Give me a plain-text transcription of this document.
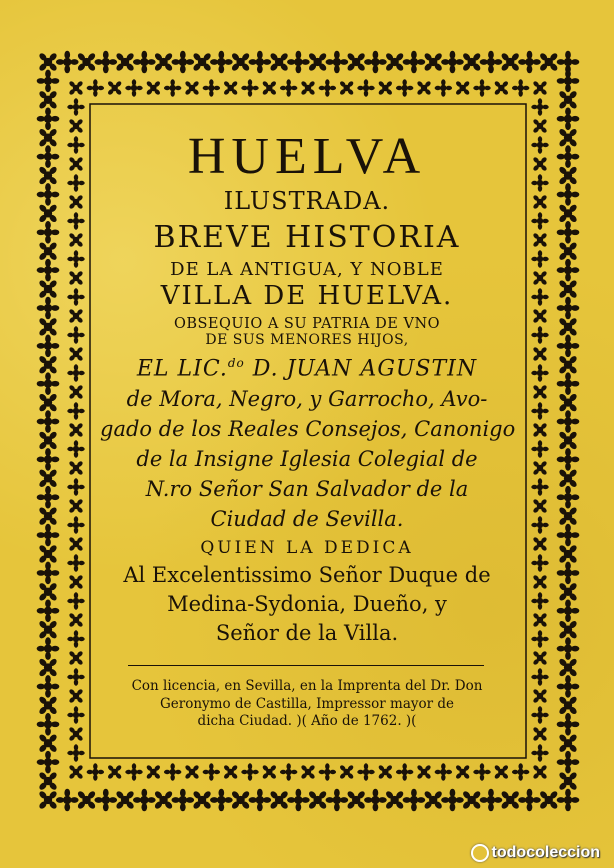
HUELVA
ILUSTRADA.
BREVE HISTORIA
DE LA ANTIGUA, Y NOBLE
VILLA DE HUELVA.
OBSEQUIO A SU PATRIA DE VNO
DE SUS MENORES HIJOS,
EL LIC.$^{do}$ D. JUAN AGUSTIN
de Mora, Negro, y Garrocho, Avo-
gado de los Reales Consejos, Canonigo
de la Insigne Iglesia Colegial de
N.ro Señor San Salvador de la
Ciudad de Sevilla.
QUIEN LA DEDICA
Al Excelentissimo Señor Duque de
Medina-Sydonia, Dueño, y
Señor de la Villa.
Con licencia, en Sevilla, en la Imprenta del Dr. Don
Geronymo de Castilla, Impressor mayor de
dicha Ciudad. )( Año de 1762. )(
todocoleccion
